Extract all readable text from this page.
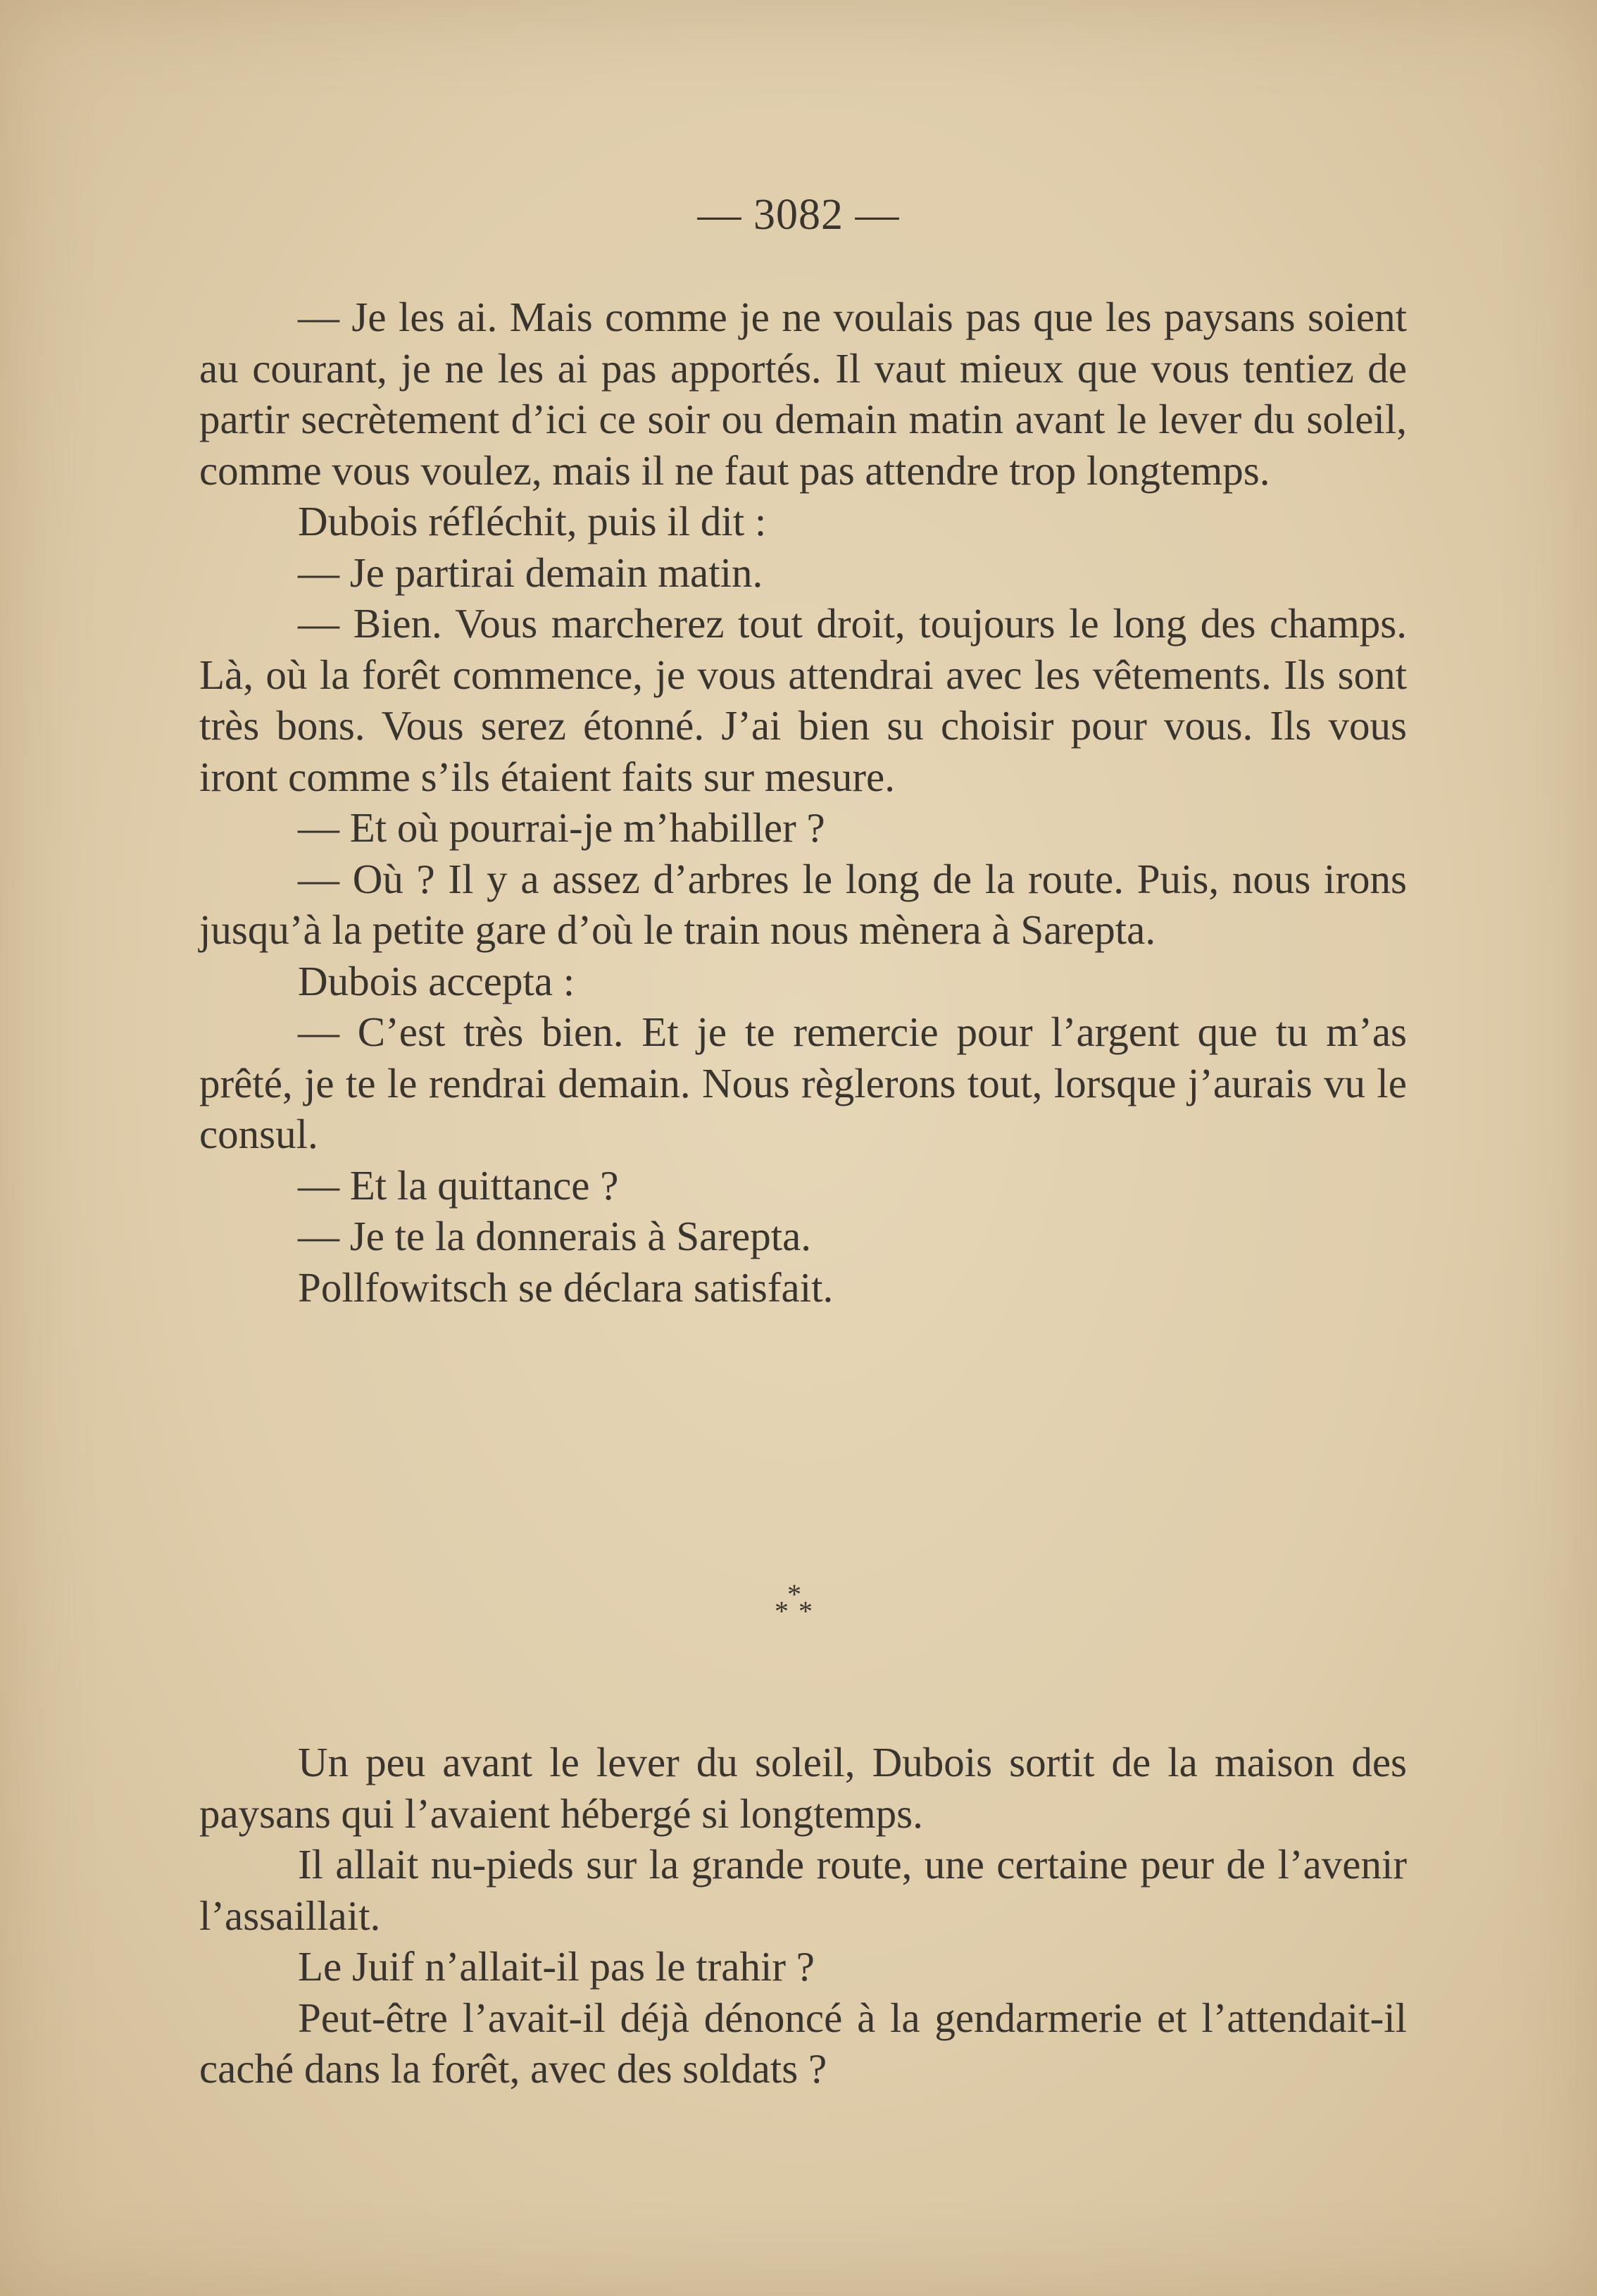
— 3082 —

— Je les ai. Mais comme je ne voulais pas que les paysans soient au courant, je ne les ai pas apportés. Il vaut mieux que vous tentiez de partir secrètement d’ici ce soir ou demain matin avant le lever du soleil, comme vous voulez, mais il ne faut pas attendre trop longtemps.

Dubois réfléchit, puis il dit :

— Je partirai demain matin.

— Bien. Vous marcherez tout droit, toujours le long des champs. Là, où la forêt commence, je vous attendrai avec les vêtements. Ils sont très bons. Vous serez étonné. J’ai bien su choisir pour vous. Ils vous iront comme s’ils étaient faits sur mesure.

— Et où pourrai-je m’habiller ?

— Où ? Il y a assez d’arbres le long de la route. Puis, nous irons jusqu’à la petite gare d’où le train nous mènera à Sarepta.

Dubois accepta :

— C’est très bien. Et je te remercie pour l’argent que tu m’as prêté, je te le rendrai demain. Nous règlerons tout, lorsque j’aurais vu le consul.

— Et la quittance ?

— Je te la donnerais à Sarepta.

Pollfowitsch se déclara satisfait.

*
* *

Un peu avant le lever du soleil, Dubois sortit de la maison des paysans qui l’avaient hébergé si longtemps.

Il allait nu-pieds sur la grande route, une certaine peur de l’avenir l’assaillait.

Le Juif n’allait-il pas le trahir ?

Peut-être l’avait-il déjà dénoncé à la gendarmerie et l’attendait-il caché dans la forêt, avec des soldats ?
